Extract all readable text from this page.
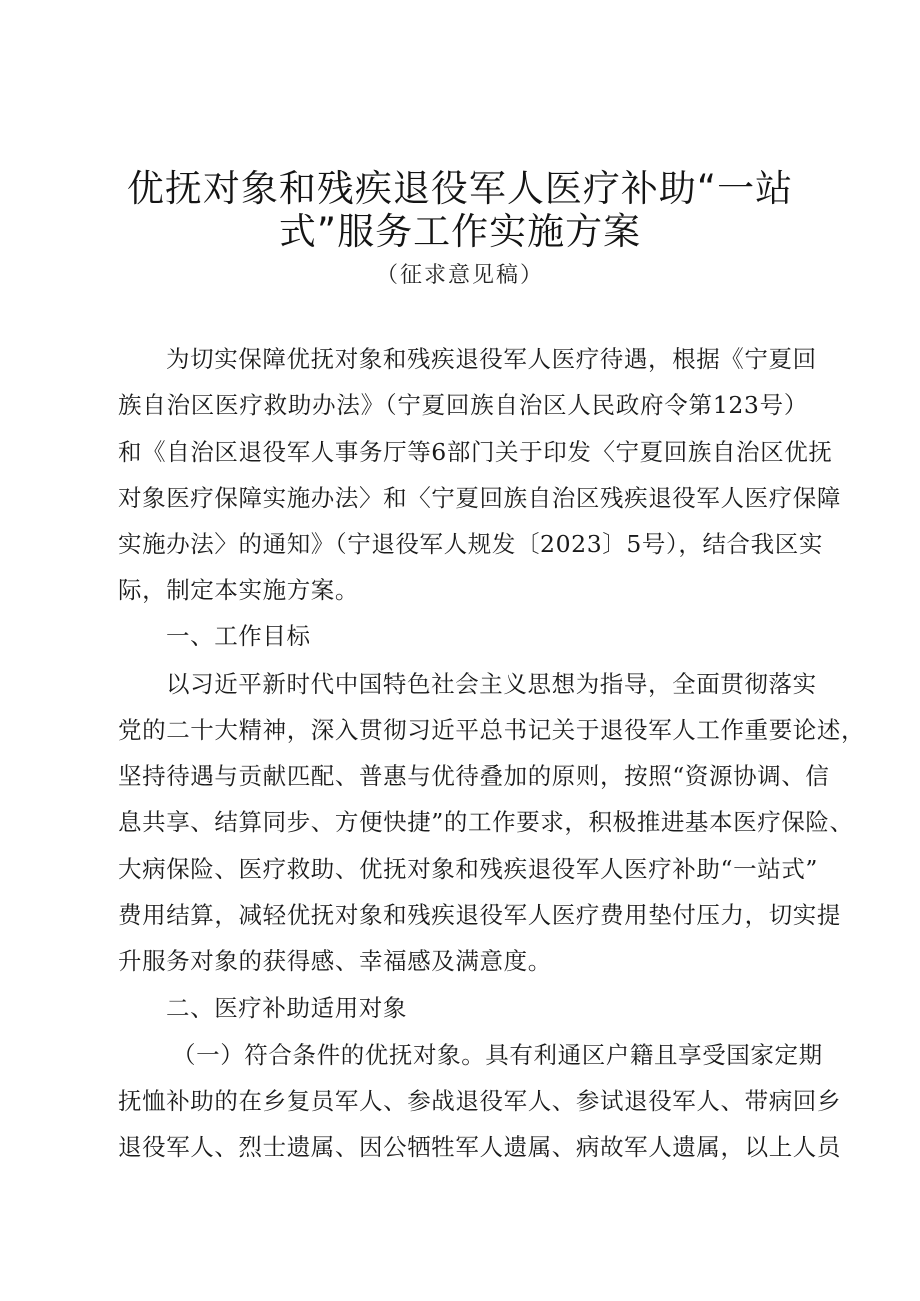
优抚对象和残疾退役军人医疗补助“一站
式”服务工作实施方案
（征求意见稿）
为切实保障优抚对象和残疾退役军人医疗待遇，根据《宁夏回
族自治区医疗救助办法》（宁夏回族自治区人民政府令第123号）
和《自治区退役军人事务厅等6部门关于印发〈宁夏回族自治区优抚
对象医疗保障实施办法〉和〈宁夏回族自治区残疾退役军人医疗保障
实施办法〉的通知》（宁退役军人规发〔2023〕5号），结合我区实
际，制定本实施方案。
一、工作目标
以习近平新时代中国特色社会主义思想为指导，全面贯彻落实
党的二十大精神，深入贯彻习近平总书记关于退役军人工作重要论述，
坚持待遇与贡献匹配、普惠与优待叠加的原则，按照“资源协调、信
息共享、结算同步、方便快捷”的工作要求，积极推进基本医疗保险、
大病保险、医疗救助、优抚对象和残疾退役军人医疗补助“一站式”
费用结算，减轻优抚对象和残疾退役军人医疗费用垫付压力，切实提
升服务对象的获得感、幸福感及满意度。
二、医疗补助适用对象
（一）符合条件的优抚对象。具有利通区户籍且享受国家定期
抚恤补助的在乡复员军人、参战退役军人、参试退役军人、带病回乡
退役军人、烈士遗属、因公牺牲军人遗属、病故军人遗属，以上人员
